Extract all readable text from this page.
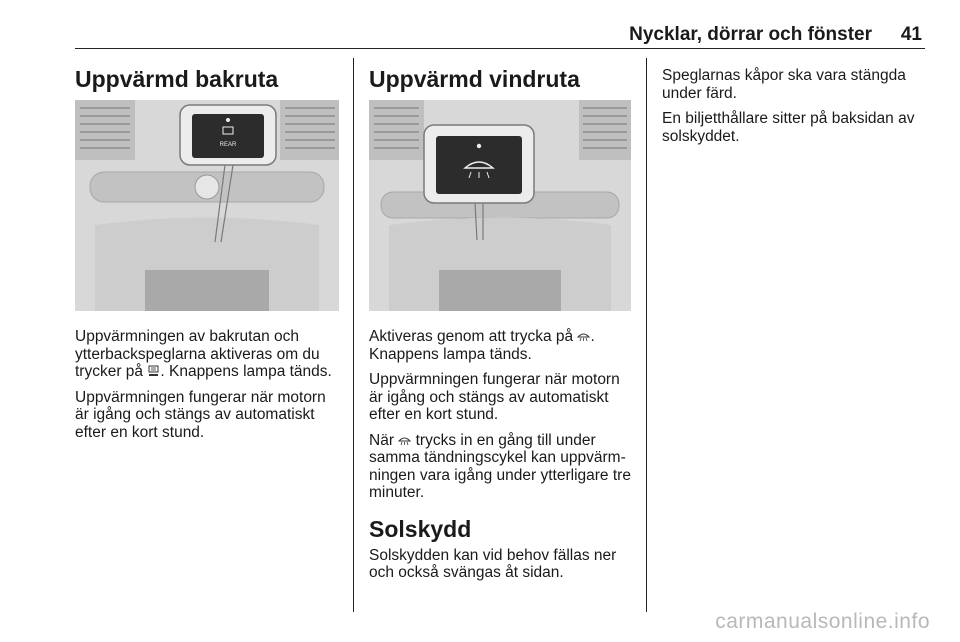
Nycklar, dörrar och fönster 41
Uppvärmd bakruta
REAR

Uppvärmningen av bakrutan och ytterbackspeglarna aktiveras om du trycker på . Knappens lampa tänds.

Uppvärmningen fungerar när motorn är igång och stängs av automatiskt efter en kort stund.

Uppvärmd vindruta

Aktiveras genom att trycka på .

Knappens lampa tänds.

Uppvärmningen fungerar när motorn är igång och stängs av automatiskt efter en kort stund.

När trycks in en gång till under samma tändningscykel kan uppvärmningen vara igång under ytterligare tre minuter.

Solskydd

Solskydden kan vid behov fällas ner och också svängas åt sidan.

Speglarnas kåpor ska vara stängda under färd.

En biljetthållare sitter på baksidan av solskyddet.

carmanualsonline.info
